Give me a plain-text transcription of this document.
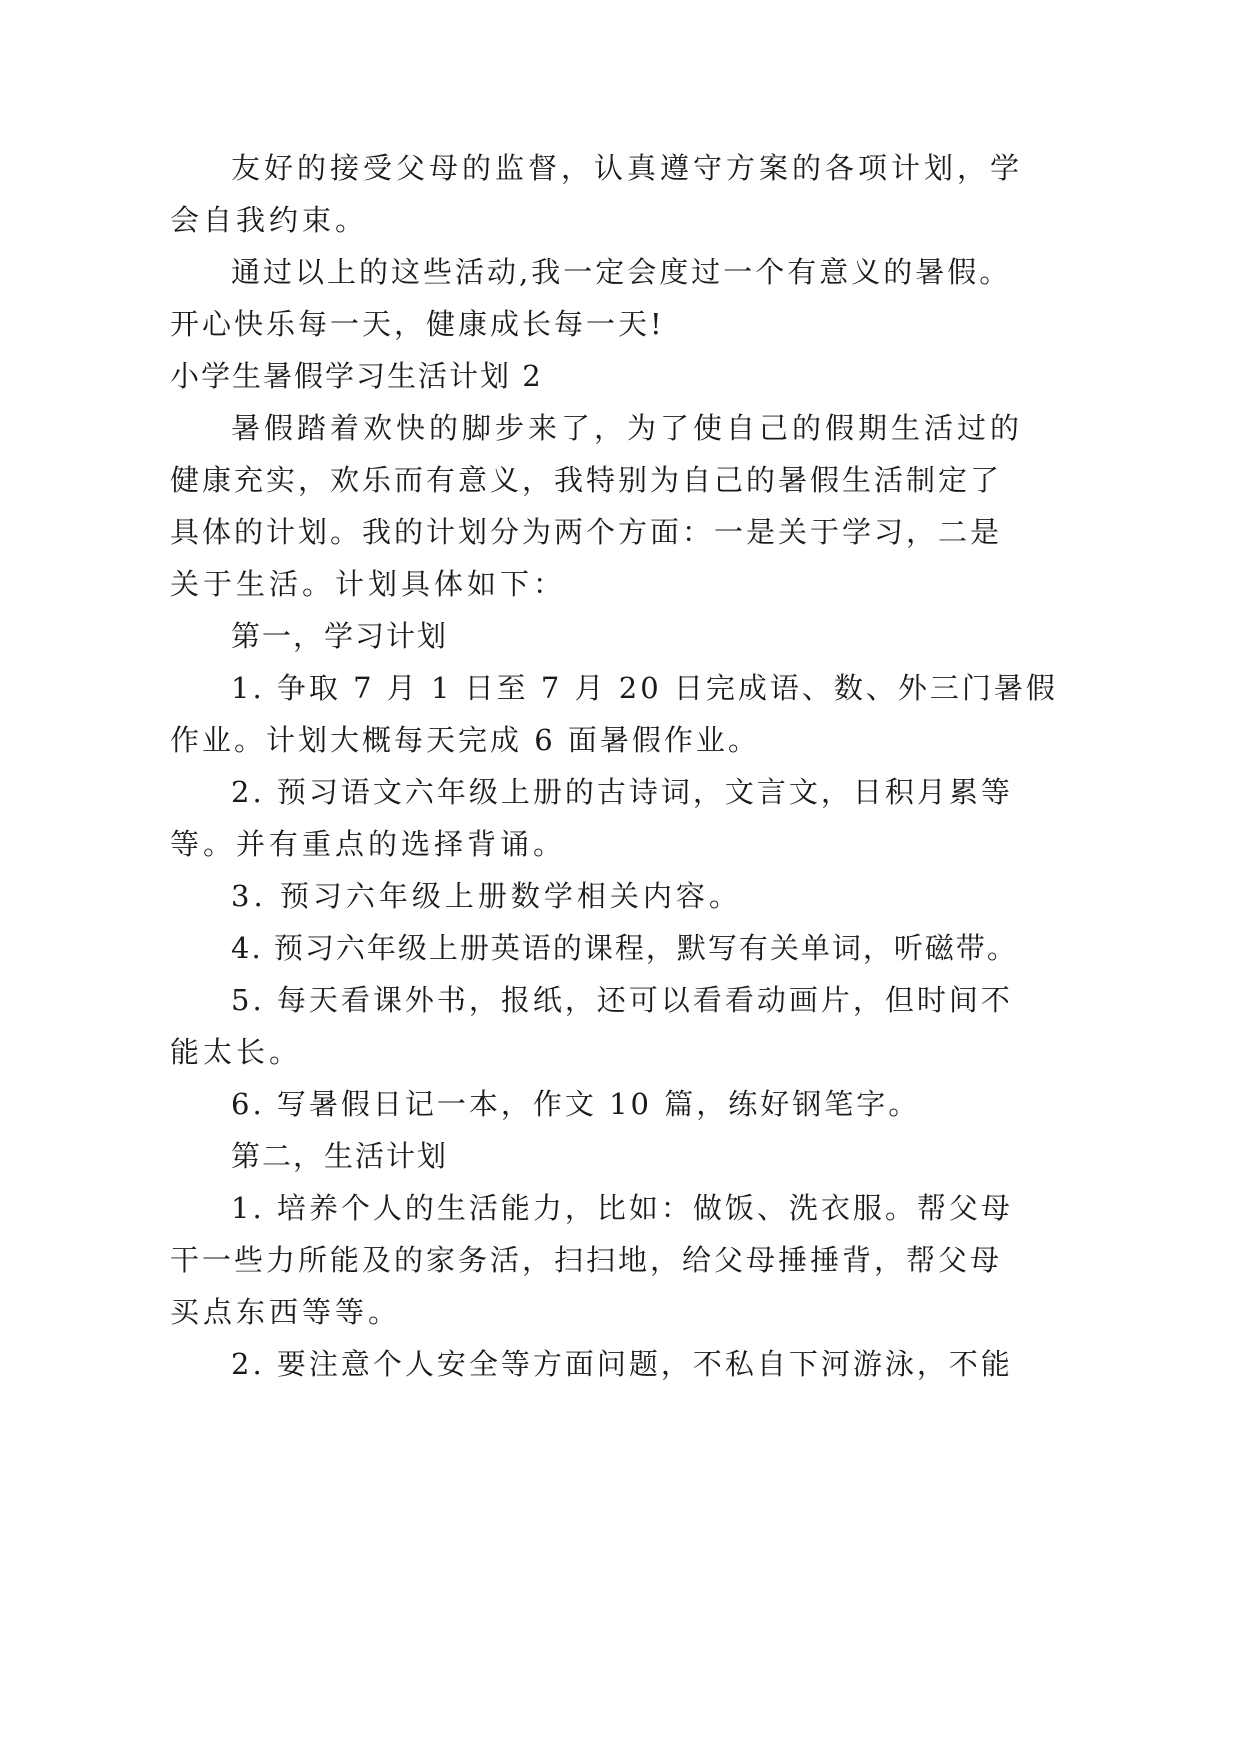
友好的接受父母的监督，认真遵守方案的各项计划，学
会自我约束。
通过以上的这些活动,我一定会度过一个有意义的暑假。
开心快乐每一天，健康成长每一天!
小学生暑假学习生活计划 2
暑假踏着欢快的脚步来了，为了使自己的假期生活过的
健康充实，欢乐而有意义，我特别为自己的暑假生活制定了
具体的计划。我的计划分为两个方面：一是关于学习，二是
关于生活。计划具体如下：
第一，学习计划
1. 争取 7 月 1 日至 7 月 20 日完成语、数、外三门暑假
作业。计划大概每天完成 6 面暑假作业。
2. 预习语文六年级上册的古诗词，文言文，日积月累等
等。并有重点的选择背诵。
3. 预习六年级上册数学相关内容。
4. 预习六年级上册英语的课程，默写有关单词，听磁带。
5. 每天看课外书，报纸，还可以看看动画片，但时间不
能太长。
6. 写暑假日记一本，作文 10 篇，练好钢笔字。
第二，生活计划
1. 培养个人的生活能力，比如：做饭、洗衣服。帮父母
干一些力所能及的家务活，扫扫地，给父母捶捶背，帮父母
买点东西等等。
2. 要注意个人安全等方面问题，不私自下河游泳，不能
